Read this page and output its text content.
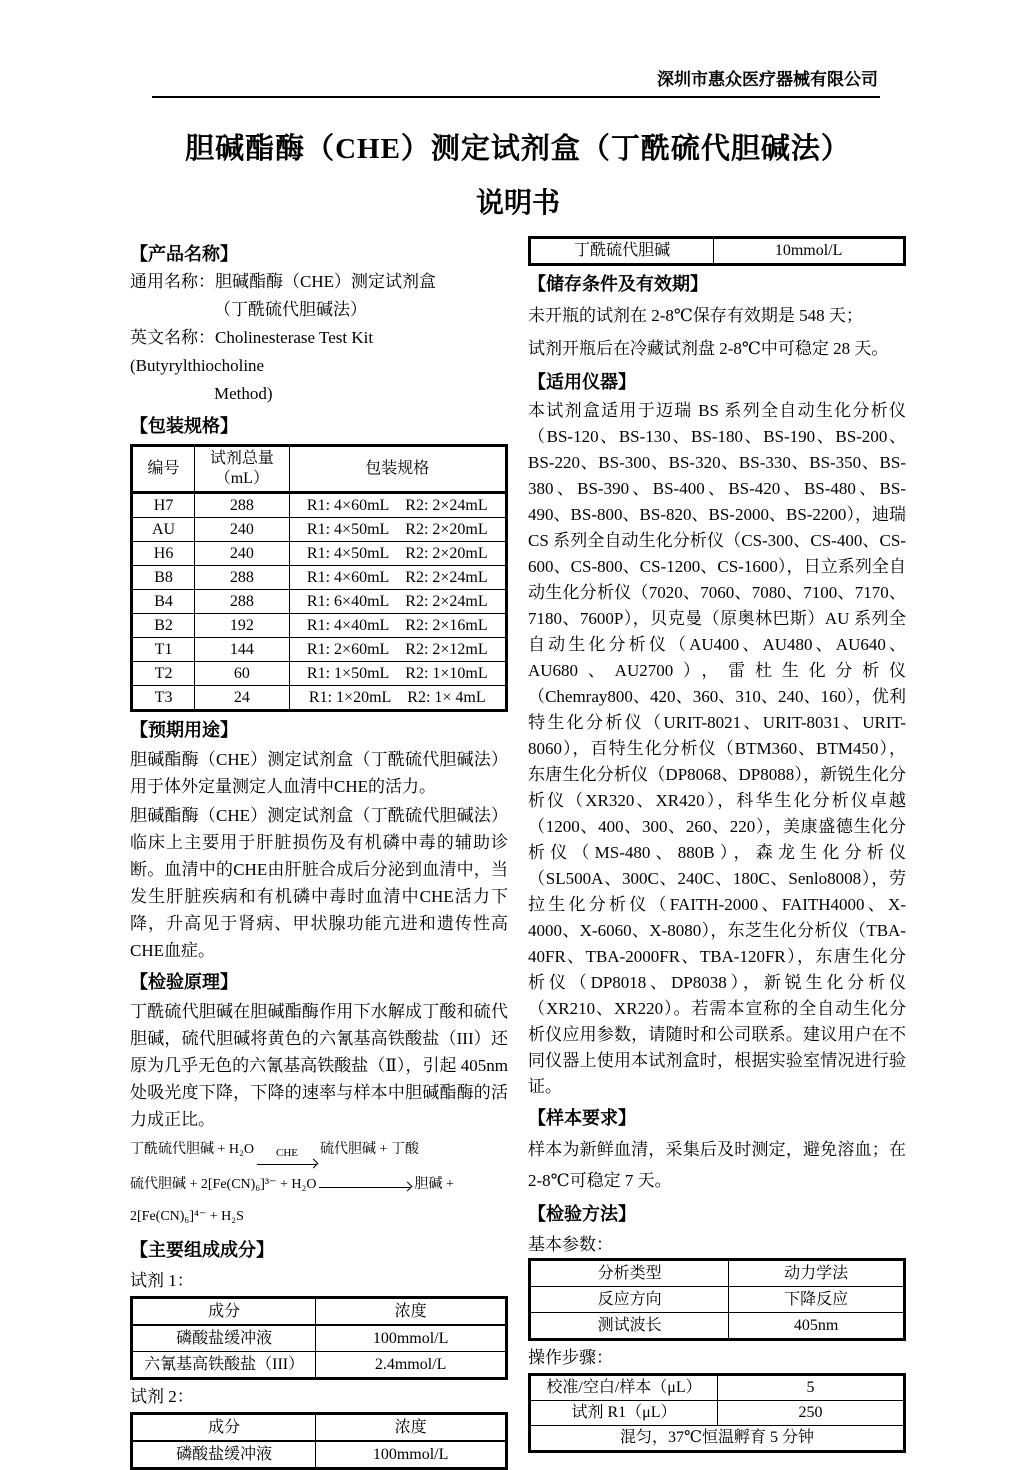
深圳市惠众医疗器械有限公司
胆碱酯酶（CHE）测定试剂盒（丁酰硫代胆碱法）
说明书
【产品名称】
通用名称：胆碱酯酶（CHE）测定试剂盒
（丁酰硫代胆碱法）
英文名称：Cholinesterase Test Kit (Butyrylthiocholine
Method)
【包装规格】
编号	试剂总量（mL）	包装规格
H7	288	R1: 4×60mL R2: 2×24mL

AU	240	R1: 4×50mL R2: 2×20mL

H6	240	R1: 4×50mL R2: 2×20mL

B8	288	R1: 4×60mL R2: 2×24mL

B4	288	R1: 6×40mL R2: 2×24mL

B2	192	R1: 4×40mL R2: 2×16mL

T1	144	R1: 2×60mL R2: 2×12mL

T2	60	R1: 1×50mL R2: 1×10mL

T3	24	R1: 1×20mL R2: 1× 4mL
【预期用途】

胆碱酯酶（CHE）测定试剂盒（丁酰硫代胆碱法）用于体外定量测定人血清中CHE的活力。

胆碱酯酶（CHE）测定试剂盒（丁酰硫代胆碱法）临床上主要用于肝脏损伤及有机磷中毒的辅助诊断。血清中的CHE由肝脏合成后分泌到血清中，当发生肝脏疾病和有机磷中毒时血清中CHE活力下降，升高见于肾病、甲状腺功能亢进和遗传性高CHE血症。

【检验原理】

丁酰硫代胆碱在胆碱酯酶作用下水解成丁酸和硫代胆碱，硫代胆碱将黄色的六氰基高铁酸盐（III）还原为几乎无色的六氰基高铁酸盐（Ⅱ），引起 405nm 处吸光度下降，下降的速率与样本中胆碱酯酶的活力成正比。

丁酰硫代胆碱 + H₂O CHE 硫代胆碱 + 丁酸
硫代胆碱 + 2[Fe(CN)₆]³⁻ + H₂O	胆碱 +
2[Fe(CN)₆]⁴⁻ + H₂S
【主要组成成分】
试剂 1：
成分	浓度
磷酸盐缓冲液	100mmol/L
六氰基高铁酸盐（III）	2.4mmol/L
试剂 2：
成分	浓度
磷酸盐缓冲液	100mmol/L
丁酰硫代胆碱	10mmol/L
【储存条件及有效期】

未开瓶的试剂在 2-8℃保存有效期是 548 天；

试剂开瓶后在冷藏试剂盘 2-8℃中可稳定 28 天。

【适用仪器】

本试剂盒适用于迈瑞 BS 系列全自动生化分析仪（BS-120、BS-130、BS-180、BS-190、BS-200、BS-220、BS-300、BS-320、BS-330、BS-350、BS-380、BS-390、BS-400、BS-420、BS-480、BS-490、BS-800、BS-820、BS-2000、BS-2200），迪瑞 CS 系列全自动生化分析仪（CS-300、CS-400、CS-600、CS-800、CS-1200、CS-1600），日立系列全自动生化分析仪（7020、7060、7080、7100、7170、7180、7600P），贝克曼（原奥林巴斯）AU 系列全自动生化分析仪（AU400、AU480、AU640、AU680、AU2700），雷杜生化分析仪（Chemray800、420、360、310、240、160），优利特生化分析仪（URIT-8021、URIT-8031、URIT-8060），百特生化分析仪（BTM360、BTM450），东唐生化分析仪（DP8068、DP8088），新锐生化分析仪（XR320、XR420），科华生化分析仪卓越（1200、400、300、260、220），美康盛德生化分析仪（MS-480、880B），森龙生化分析仪（SL500A、300C、240C、180C、Senlo8008），劳拉生化分析仪（FAITH-2000、FAITH4000、X-4000、X-6060、X-8080），东芝生化分析仪（TBA-40FR、TBA-2000FR、TBA-120FR），东唐生化分析仪（DP8018、DP8038），新锐生化分析仪（XR210、XR220）。若需本宣称的全自动生化分析仪应用参数，请随时和公司联系。建议用户在不同仪器上使用本试剂盒时，根据实验室情况进行验证。

【样本要求】

样本为新鲜血清，采集后及时测定，避免溶血；在 2-8℃可稳定 7 天。

【检验方法】
基本参数：
分析类型	动力学法
反应方向	下降反应
测试波长	405nm
操作步骤：
校准/空白/样本（μL）	5
试剂 R1（μL）	250
混匀，37℃恒温孵育 5 分钟	
